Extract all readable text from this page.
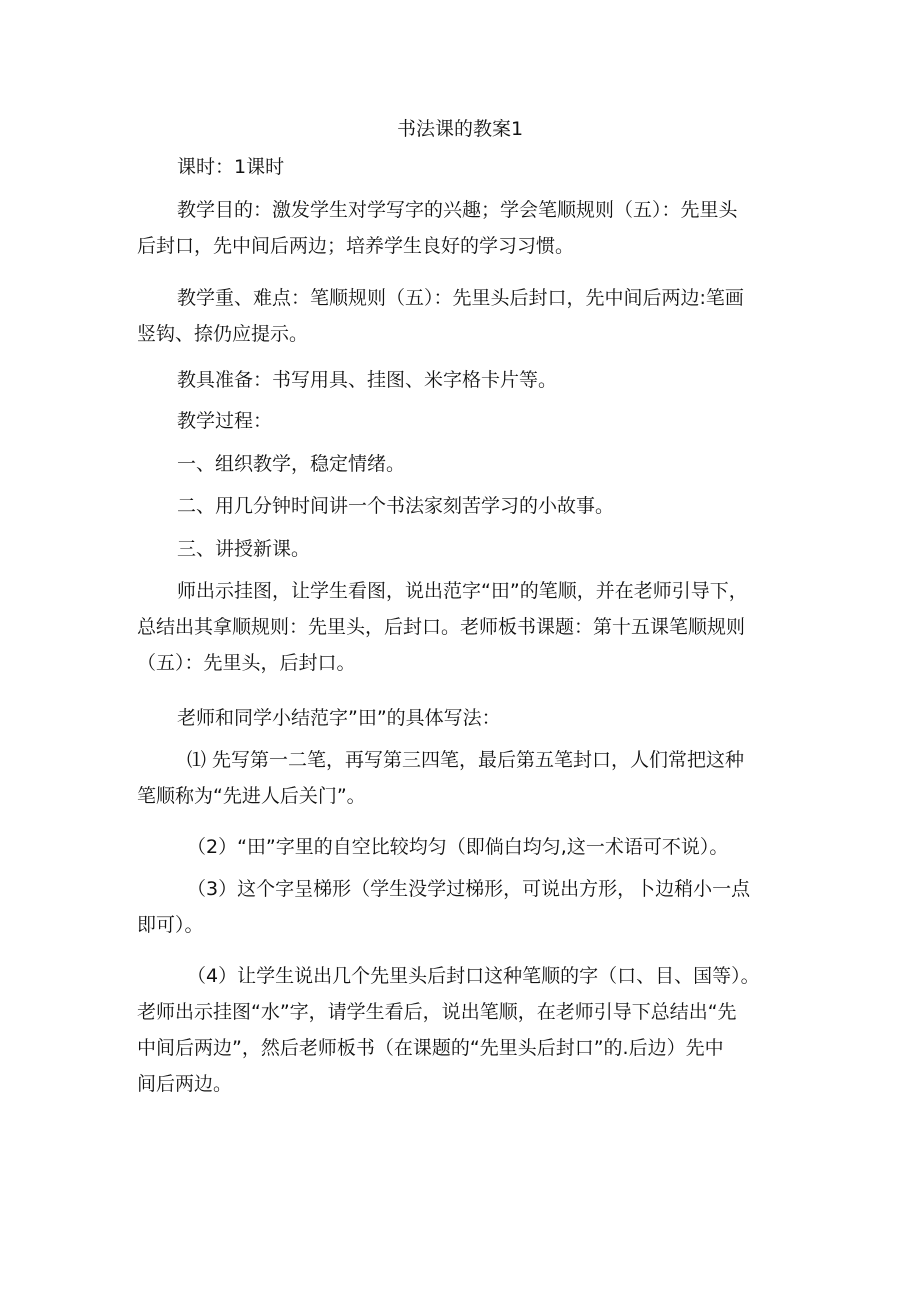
书法课的教案1
课时：1课时
教学目的：激发学生对学写字的兴趣；学会笔顺规则（五）：先里头
后封口，先中间后两边；培养学生良好的学习习惯。
教学重、难点：笔顺规则（五）：先里头后封口，先中间后两边:笔画
竖钩、捺仍应提示。
教具准备：书写用具、挂图、米字格卡片等。
教学过程：
一、组织教学，稳定情绪。
二、用几分钟时间讲一个书法家刻苦学习的小故事。
三、讲授新课。
师出示挂图，让学生看图，说出范字“田”的笔顺，并在老师引导下，
总结出其拿顺规则：先里头，后封口。老师板书课题：第十五课笔顺规则
（五）：先里头，后封口。
老师和同学小结范字”田”的具体写法：
⑴ 先写第一二笔，再写第三四笔，最后第五笔封口，人们常把这种
笔顺称为“先进人后关门”。
（2）“田”字里的自空比较均匀（即倘白均匀,这一术语可不说）。
（3）这个字呈梯形（学生没学过梯形，可说出方形，卜边稍小一点
即可）。
（4）让学生说出几个先里头后封口这种笔顺的字（口、目、国等）。
老师出示挂图“水”字，请学生看后，说出笔顺，在老师引导下总结出“先
中间后两边”，然后老师板书（在课题的“先里头后封口”的.后边）先中
间后两边。
